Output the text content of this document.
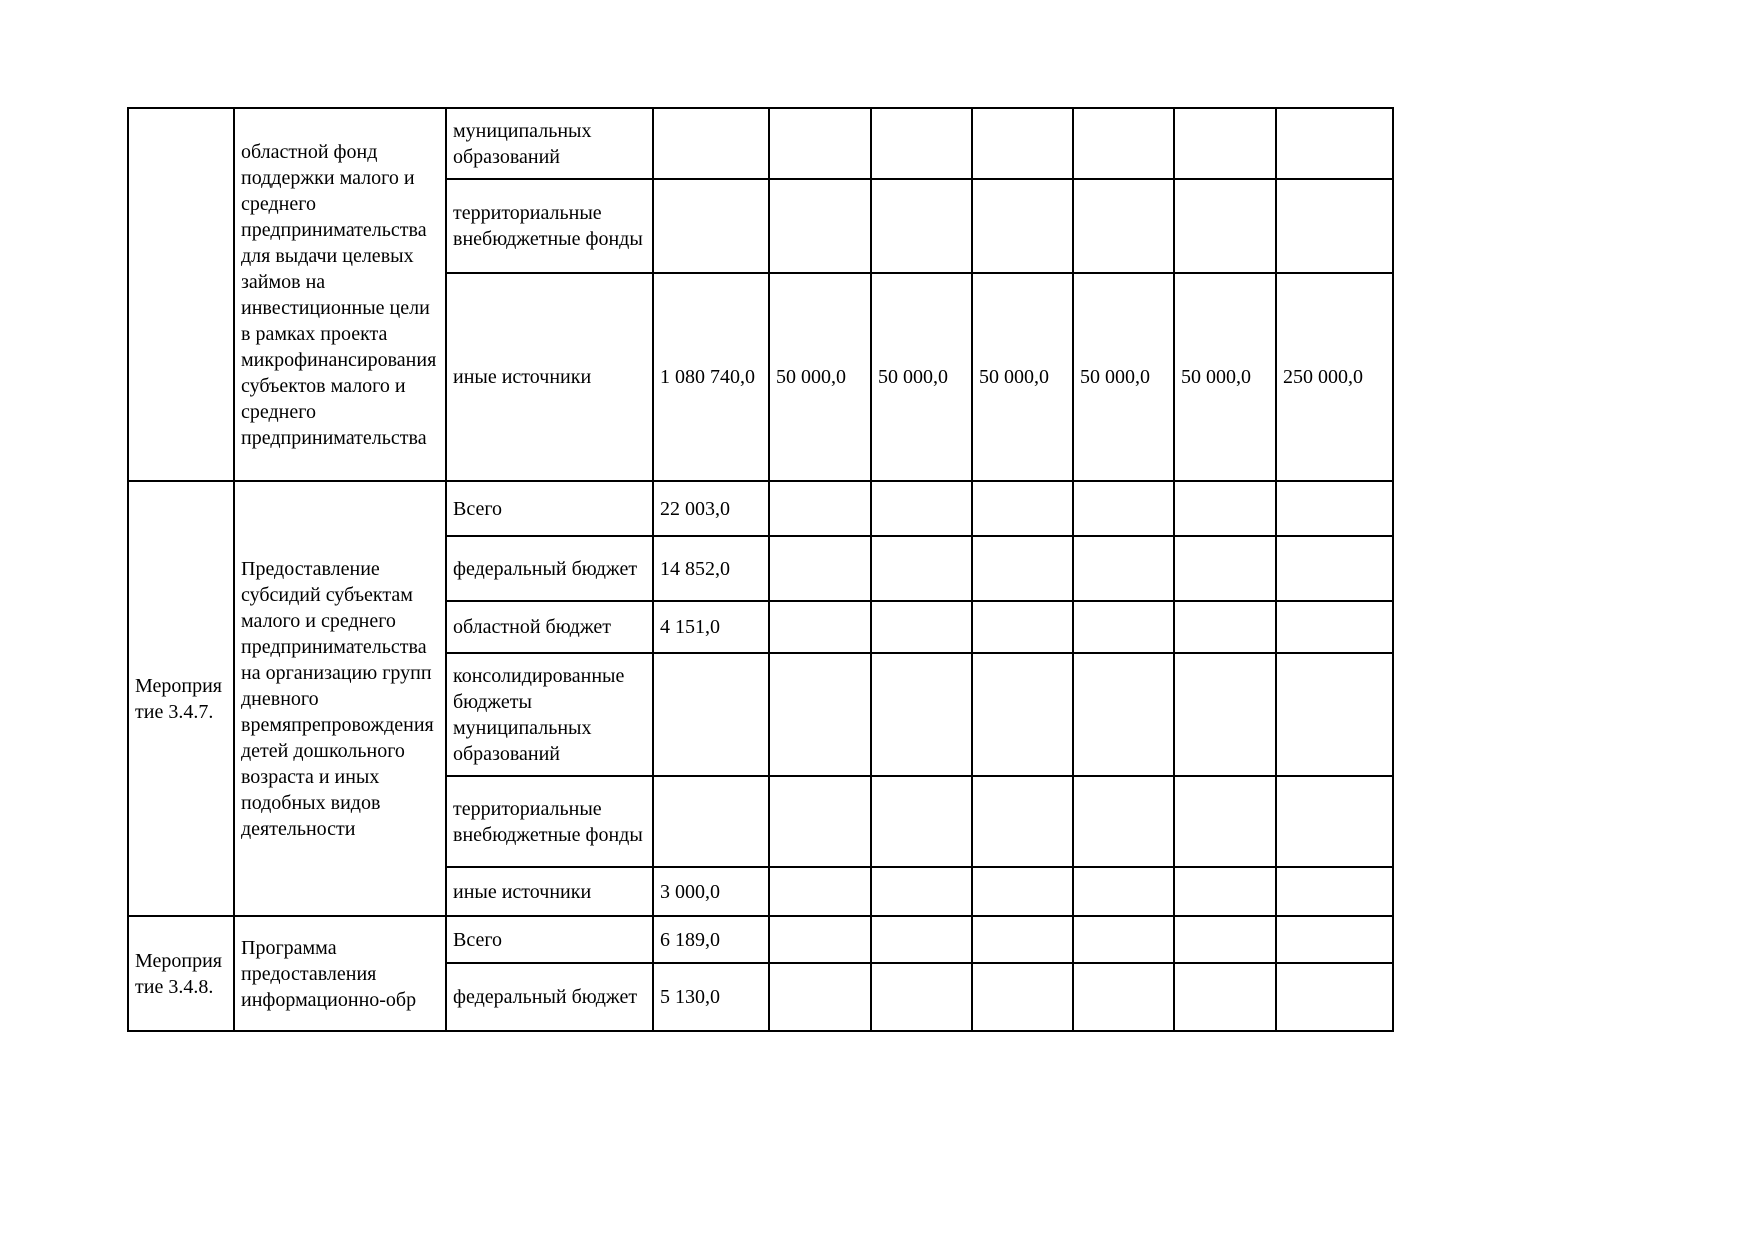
	областной фонд поддержки малого и среднего предпринимательства для выдачи целевых займов на инвестиционные цели в рамках проекта микрофинансирования субъектов малого и среднего предпринимательства	муниципальных образований							
		территориальные внебюджетные фонды							
		иные источники	1 080 740,0	50 000,0	50 000,0	50 000,0	50 000,0	50 000,0	250 000,0
Мероприятие 3.4.7.	Предоставление субсидий субъектам малого и среднего предпринимательства на организацию групп дневного времяпрепровождения детей дошкольного возраста и иных подобных видов деятельности	Всего	22 003,0						
		федеральный бюджет	14 852,0						
		областной бюджет	4 151,0						
		консолидированные бюджеты муниципальных образований							
		территориальные внебюджетные фонды							
		иные источники	3 000,0						
Мероприятие 3.4.8.	Программа предоставления информационно-обр	Всего	6 189,0						
		федеральный бюджет	5 130,0						
